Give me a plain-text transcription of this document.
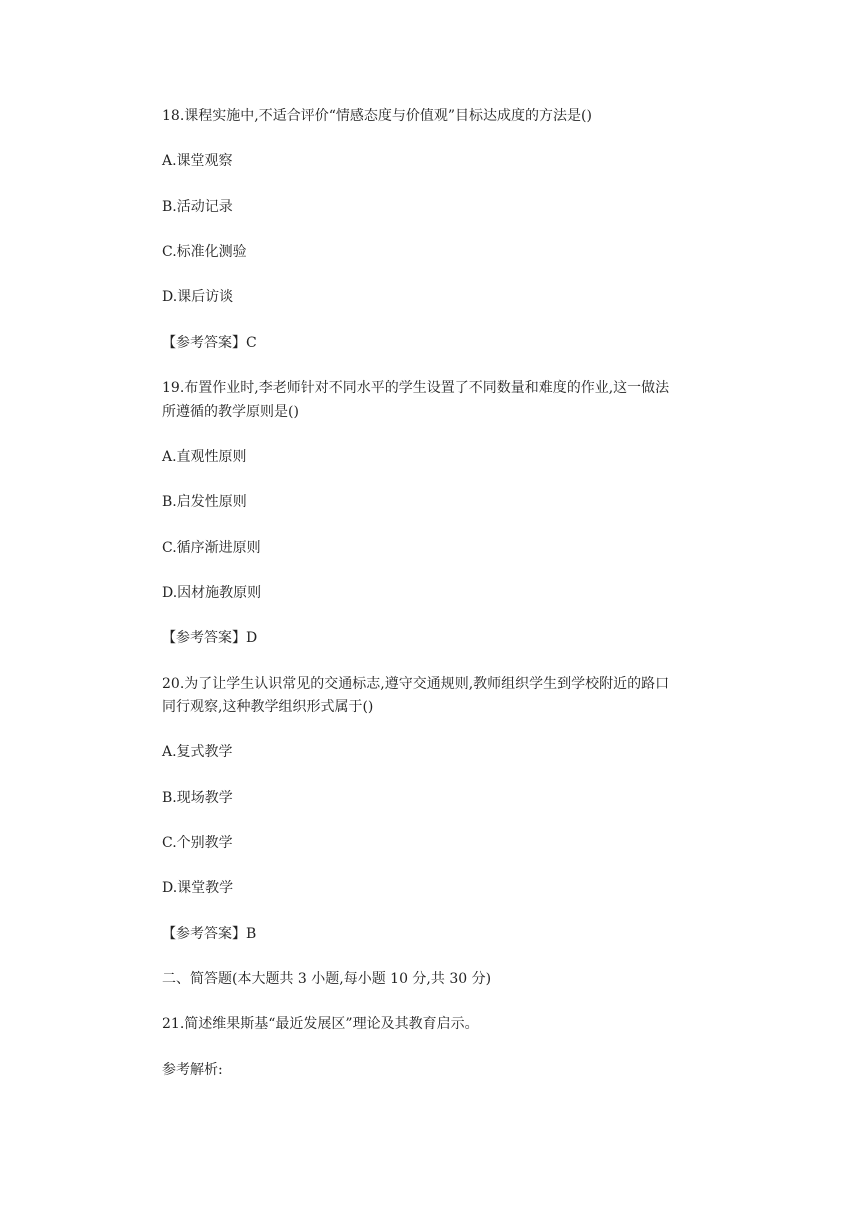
18.课程实施中,不适合评价“情感态度与价值观”目标达成度的方法是()
A.课堂观察
B.活动记录
C.标准化测验
D.课后访谈
【参考答案】C
19.布置作业时,李老师针对不同水平的学生设置了不同数量和难度的作业,这一做法
所遵循的教学原则是()
A.直观性原则
B.启发性原则
C.循序渐进原则
D.因材施教原则
【参考答案】D
20.为了让学生认识常见的交通标志,遵守交通规则,教师组织学生到学校附近的路口
同行观察,这种教学组织形式属于()
A.复式教学
B.现场教学
C.个别教学
D.课堂教学
【参考答案】B
二、简答题(本大题共 3 小题,每小题 10 分,共 30 分)
21.简述维果斯基“最近发展区”理论及其教育启示。
参考解析:
